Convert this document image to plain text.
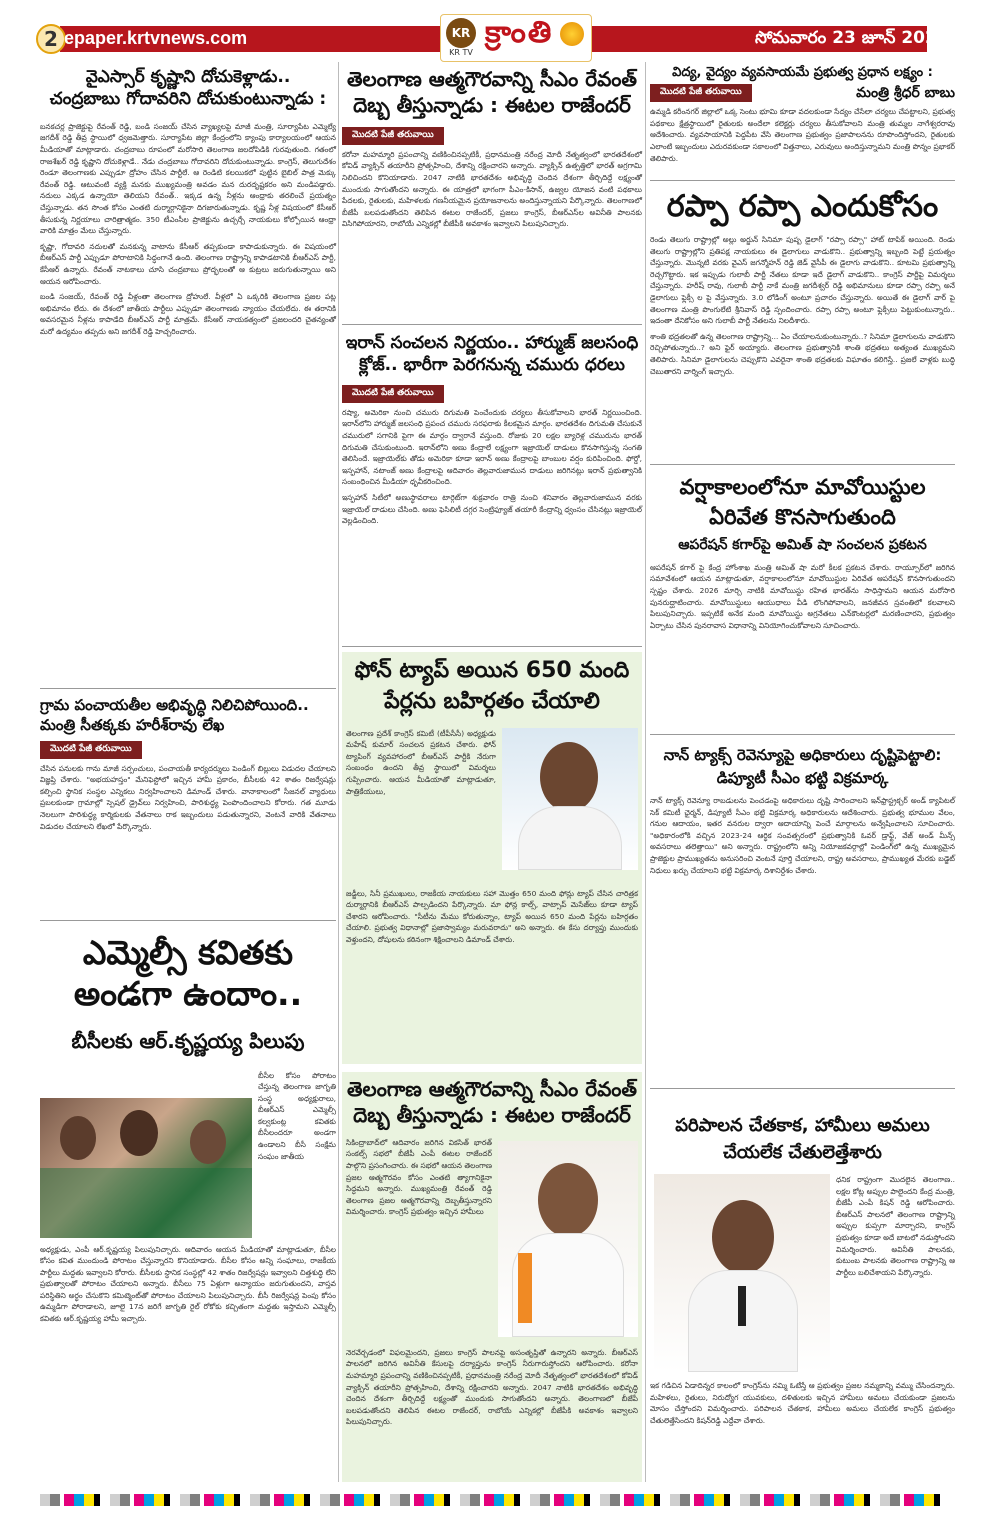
2 epaper.krtvnews.com	KR
KR TV
క్రాంతి	సోమవారం 23 జూన్ 2025
వైఎస్సార్ కృష్ణాని దోచుకెళ్లాడు..
చంద్రబాబు గోదావరిని దోచుకుంటున్నాడు :
బనకచర్ల ప్రాజెక్టుపై రేవంత్ రెడ్డి, బండి సంజయ్ చేసిన వ్యాఖ్యలపై మాజీ మంత్రి, సూర్యాపేట ఎమ్మెల్యే జగదీశ్ రెడ్డి తీవ్ర స్థాయిలో ధ్వజమెత్తారు. సూర్యాపేట జిల్లా కేంద్రంలోని క్యాంపు కార్యాలయంలో ఆయన మీడియాతో మాట్లాడారు. చంద్రబాబు రూపంలో మరోసారి తెలంగాణ జలదోపిడికి గురవుతుంది. గతంలో రాజశేఖర్ రెడ్డి కృష్ణాని దోచుకెళ్లాడే.. నేడు చంద్రబాబు గోదావరిని దోచుకుంటున్నాడు. కాంగ్రెస్, తెలుగుదేశం రెండూ తెలంగాణకు ఎప్పుడూ ద్రోహం చేసిన పార్టీలే. ఆ రెండిటి కలయికలో పుట్టిన బైబిల్ పాత్ర మెక్కు రేవంత్ రెడ్డి. ఆటువంటి వ్యక్తి మనకు ముఖ్యమంత్రి అవడం మన దురదృష్టకరం అని మండిపడ్డారు. నదులు ఎక్కడ ఉన్నాయో తెలియని రేవంత్.. ఇక్కడ ఉన్న నీళ్లను ఆంధ్రాకు తరలించే ప్రయత్నం చేస్తున్నాడు. తన సొంత కోసం ఎంతటి దుర్మార్గానికైనా దిగజారుతున్నాడు. కృష్ణ నీళ్ల విషయంలో కేసీఆర్ తీసుకున్న నిర్ణయాలు చారిత్రాత్మకం. 350 టీఎంసీల ప్రాజెక్టును ఉచ్చర్చే నాయకులు కోల్పోయిన ఆంధ్రా వారికి మాత్రం మేలు చేస్తున్నారు.
కృష్ణా, గోదావరి నదులతో మనకున్న వాటాను కేసీఆర్ తప్పకుండా కాపాడుకున్నారు. ఈ విషయంలో బీఆర్ఎస్ పార్టీ ఎప్పుడూ పోరాటానికి సిద్ధంగానే ఉంది. తెలంగాణ రాష్ట్రాన్ని కాపాడటానికి బీఆర్ఎస్ పార్టీ, కేసీఆర్ ఉన్నారు. రేవంత్ నాటకాలు చూసి చంద్రబాబు ప్రోద్భలంతో ఆ కుట్రలు జరుగుతున్నాయి అని ఆయన ఆరోపించారు.
బండి సంజయ్, రేవంత్ రెడ్డి వీళ్లంతా తెలంగాణ ద్రోహులే. వీళ్లలో ఏ ఒక్కరికి తెలంగాణ ప్రజల పట్ల అభిమానం లేదు. ఈ దేశంలో జాతీయ పార్టీలు ఎప్పుడూ తెలంగాణకు న్యాయం చేయలేదు. ఈ తరానికి అవసరమైన నీళ్లను కాపాడేది బీఆర్ఎస్ పార్టీ మాత్రమే. కేసీఆర్ నాయకత్వంలో ప్రజలందరి చైతన్యంతో మరో ఉద్యమం తప్పదు అని జగదీశ్ రెడ్డి హెచ్చరించారు.
గ్రామ పంచాయతీల అభివృద్ధి నిలిచిపోయింది..
మంత్రి సీతక్కకు హరీశ్‌రావు లేఖ
మొదటి పేజీ తరువాయి
చేసిన పనులకు గాను మాజీ సర్పంచులు, పంచాయతీ కార్యదర్శులు పెండింగ్ బిల్లులు విడుదల చేయాలని విజ్ఞప్తి చేశారు. "అభయహస్తం" మేనిఫెస్టోలో ఇచ్చిన హామీ ప్రకారం, బీసీలకు 42 శాతం రిజర్వేషన్లు కల్పించి స్థానిక సంస్థల ఎన్నికలు నిర్వహించాలని డిమాండ్ చేశారు. వానాకాలంలో సీజనల్ వ్యాధులు ప్రబలకుండా గ్రామాల్లో స్పెషల్ డ్రైవ్‌లు నిర్వహించి, పారిశుద్ధ్య పెంపొందించాలని కోరారు. గత మూడు నెలలుగా పారిశుద్ధ్య కార్మికులకు వేతనాలు రాక ఇబ్బందులు పడుతున్నారని, వెంటనే వారికి వేతనాలు విడుదల చేయాలని లేఖలో పేర్కొన్నారు.
ఎమ్మెల్సీ కవితకు అండగా ఉందాం..
బీసీలకు ఆర్.కృష్ణయ్య పిలుపు
బీసీల కోసం పోరాటం చేస్తున్న తెలంగాణ జాగృతి సంస్థ అధ్యక్షురాలు, బీఆర్ఎస్ ఎమ్మెల్సీ కల్వకుంట్ల కవితకు బీసీలందరూ అండగా ఉండాలని బీసీ సంక్షేమ సంఘం జాతీయ
అధ్యక్షుడు, ఎంపీ ఆర్.కృష్ణయ్య పిలుపునిచ్చారు. ఆదివారం ఆయన మీడియాతో మాట్లాడుతూ, బీసీల కోసం కవిత ముందుండి పోరాటం చేస్తున్నారని కొనియాడారు. బీసీల కోసం అన్ని సంఘాలు, రాజకీయ పార్టీలు మద్దతు ఇవ్వాలని కోరారు. బీసీలకు స్థానిక సంస్థల్లో 42 శాతం రిజర్వేషన్లు ఇవ్వాలని చిత్తశుద్ధి లేని ప్రభుత్వాలతో పోరాటం చేయాలని అన్నారు. బీసీలు 75 ఏళ్లుగా అన్యాయం జరుగుతుందని, వాస్తవ పరిస్థితిని అర్థం చేసుకొని కమిట్మెంట్‌తో పోరాటం చేయాలని పిలుపునిచ్చారు. బీసీ రిజర్వేషన్ల పెంపు కోసం ఉమ్మడిగా పోరాడాలని, జూలై 17న జరిగే జాగృతి రైల్ రోకోకు కచ్చితంగా మద్దతు ఇస్తామని ఎమ్మెల్సీ కవితకు ఆర్.కృష్ణయ్య హామీ ఇచ్చారు.
తెలంగాణ ఆత్మగౌరవాన్ని సీఎం రేవంత్ దెబ్బ తీస్తున్నాడు : ఈటల రాజేందర్
మొదటి పేజీ తరువాయి
కరోనా మహమ్మారి ప్రపంచాన్ని వణికించినప్పటికీ, ప్రధానమంత్రి నరేంద్ర మోదీ నేతృత్వంలో భారతదేశంలో కోవిడ్ వ్యాక్సిన్ తయారీని ప్రోత్సహించి, దేశాన్ని రక్షించారని అన్నారు. వ్యాక్సిన్ ఉత్పత్తిలో భారత్ అగ్రగామి నిలిచిందని కొనియాడారు. 2047 నాటికి భారతదేశం అభివృద్ధి చెందిన దేశంగా తీర్చిదిద్దే లక్ష్యంతో ముందుకు సాగుతోందని అన్నారు. ఈ యాత్రలో భాగంగా పీఎం-కిసాన్, ఉజ్వల యోజన వంటి పథకాలు పేదలకు, రైతులకు, మహిళలకు గణనీయమైన ప్రయోజనాలను అందిస్తున్నాయని పేర్కొన్నారు. తెలంగాణలో బీజేపీ బలపడుతోందని తెలిపిన ఈటల రాజేందర్, ప్రజలు కాంగ్రెస్, బీఆర్ఎస్‌ల అవినీతి పాలనకు విసిగిపోయారని, రాబోయే ఎన్నికల్లో బీజేపీకి అవకాశం ఇవ్వాలని పిలుపునిచ్చారు.
ఇరాన్ సంచలన నిర్ణయం.. హార్ముజ్ జలసంధి క్లోజ్.. భారీగా పెరగనున్న చమురు ధరలు
మొదటి పేజీ తరువాయి
రష్యా, అమెరికా నుంచి చమురు దిగుమతి పెంచేందుకు చర్యలు తీసుకోవాలని భారత్ నిర్ణయించింది. ఇరాన్‌లోని హార్ముజ్ జలసంధి ప్రపంచ చమురు సరఫరాకు కీలకమైన మార్గం. భారతదేశం దిగుమతి చేసుకునే చమురులో సగానికి పైగా ఈ మార్గం ద్వారానే వస్తుంది. రోజుకు 20 లక్షల బ్యారెళ్ల చమురును భారత్ దిగుమతి చేసుకుంటుంది. ఇరాన్‌లోని అణు కేంద్రాలే లక్ష్యంగా ఇజ్రాయెల్ దాడులు కొనసాగిస్తున్న సంగతి తెలిసిందే. ఇజ్రాయెల్‌కు తోడు అమెరికా కూడా ఇరాన్ అణు కేంద్రాలపై బాంబుల వర్షం కురిపించింది. ఫోర్డో, ఇస్ఫహాన్, నటాంజ్ అణు కేంద్రాలపై ఆదివారం తెల్లవారుజామున దాడులు జరిగినట్లు ఇరాన్ ప్రభుత్వానికి సంబంధించిన మీడియా ధృవీకరించింది.
ఇస్ఫహాన్ సిటీలో అణుస్థావరాలు టార్గెట్‌గా శుక్రవారం రాత్రి నుంచి శనివారం తెల్లవారుజామున వరకు ఇజ్రాయెల్ దాడులు చేసింది. అణు ఫెసిలిటీ దగ్గర సెంట్రిఫ్యూజ్ తయారీ కేంద్రాన్ని ధ్వంసం చేసినట్లు ఇజ్రాయెల్ వెల్లడించింది.
ఫోన్ ట్యాప్ అయిన 650 మంది పేర్లను బహిర్గతం చేయాలి
తెలంగాణ ప్రదేశ్ కాంగ్రెస్ కమిటీ (టీపీసీసీ) అధ్యక్షుడు మహేష్ కుమార్ సంచలన ప్రకటన చేశారు. ఫోన్ ట్యాపింగ్ వ్యవహారంలో బీఆర్ఎస్ పార్టీకి నేరుగా సంబంధం ఉందని తీవ్ర స్థాయిలో విమర్శలు గుప్పించారు. ఆయన మీడియాతో మాట్లాడుతూ, పాత్రికేయులు,
జడ్జీలు, సినీ ప్రముఖులు, రాజకీయ నాయకులు సహా మొత్తం 650 మంది ఫోన్లు ట్యాప్ చేసిన చారిత్రక దుర్మార్గానికి బీఆర్ఎస్ పాల్పడిందని పేర్కొన్నారు. మా ఫోన్ల కాల్స్, వాట్సాప్ మెసేజ్‌లు కూడా ట్యాప్ చేశారని ఆరోపించారు. "సీటీను మేము కోరుతున్నాం, ట్యాప్ అయిన 650 మంది పేర్లను బహిర్గతం చేయాలి. ప్రభుత్వ విధానాల్లో ప్రజాస్వామ్యం మరువరాదు" అని అన్నారు. ఈ కేసు దర్యాప్తు ముందుకు వెళ్తుందని, దోషులను కఠినంగా శిక్షించాలని డిమాండ్ చేశారు.
తెలంగాణ ఆత్మగౌరవాన్ని సీఎం రేవంత్ దెబ్బ తీస్తున్నాడు : ఈటల రాజేందర్
సికింద్రాబాద్‌లో ఆదివారం జరిగిన వికసిత్ భారత్ సంకల్ప్ సభలో బీజేపీ ఎంపీ ఈటల రాజేందర్ పాల్గొని ప్రసంగించారు. ఈ సభలో ఆయన తెలంగాణ ప్రజల ఆత్మగౌరవం కోసం ఎంతటి త్యాగానికైనా సిద్ధమని అన్నారు. ముఖ్యమంత్రి రేవంత్ రెడ్డి తెలంగాణ ప్రజల ఆత్మగౌరవాన్ని దెబ్బతీస్తున్నారని విమర్శించారు. కాంగ్రెస్ ప్రభుత్వం ఇచ్చిన హామీలు
నెరవేర్చడంలో విఫలమైందని, ప్రజలు కాంగ్రెస్ పాలనపై అసంతృప్తితో ఉన్నారని అన్నారు. బీఆర్ఎస్ పాలనలో జరిగిన అవినీతి కేసులపై దర్యాప్తును కాంగ్రెస్ నీరుగారుస్తోందని ఆరోపించారు. కరోనా మహమ్మారి ప్రపంచాన్ని వణికించినప్పటికీ, ప్రధానమంత్రి నరేంద్ర మోదీ నేతృత్వంలో భారతదేశంలో కోవిడ్ వ్యాక్సిన్ తయారీని ప్రోత్సహించి, దేశాన్ని రక్షించారని అన్నారు. 2047 నాటికి భారతదేశం అభివృద్ధి చెందిన దేశంగా తీర్చిదిద్దే లక్ష్యంతో ముందుకు సాగుతోందని అన్నారు. తెలంగాణలో బీజేపీ బలపడుతోందని తెలిపిన ఈటల రాజేందర్, రాబోయే ఎన్నికల్లో బీజేపీకి అవకాశం ఇవ్వాలని పిలుపునిచ్చారు.
విద్య, వైద్యం వ్యవసాయమే ప్రభుత్వ ప్రధాన లక్ష్యం :
మొదటి పేజీ తరువాయి	మంత్రి శ్రీధర్ బాబు
ఉమ్మడి కరీంనగర్ జిల్లాలో ఒక్క సెంటు భూమి కూడా వదలకుండా సేద్యం చేసేలా చర్యలు చేపట్టాలని, ప్రభుత్వ పథకాలు క్షేత్రస్థాయిలో రైతులకు అందేలా కలెక్టర్లు చర్యలు తీసుకోవాలని మంత్రి తుమ్మల నాగేశ్వరరావు ఆదేశించారు. వ్యవసాయానికి పెద్దపీట వేసి తెలంగాణ ప్రభుత్వం ప్రజాపాలనను రూపొందిస్తోందని, రైతులకు ఎలాంటి ఇబ్బందులు ఎదురవకుండా సకాలంలో విత్తనాలు, ఎరువులు అందిస్తున్నామని మంత్రి పొన్నం ప్రభాకర్ తెలిపారు.
రప్పా రప్పా ఎందుకోసం
రెండు తెలుగు రాష్ట్రాల్లో అల్లు అర్జున్ సినిమా పుష్ప డైలాగ్ "రప్పా రప్పా" హాట్ టాపిక్ అయింది. రెండు తెలుగు రాష్ట్రాల్లోని ప్రతిపక్ష నాయకులు ఈ డైలాగులు వాడుకొని.. ప్రభుత్వాన్ని ఇబ్బంది పెట్టే ప్రయత్నం చేస్తున్నారు. మొన్నటి వరకు వైఎస్ జగన్మోహన్ రెడ్డి జెడ్ వైసీపీ ఈ డైలాగు వాడుకొని.. కూటమి ప్రభుత్వాన్ని రెచ్చగొట్టారు. ఇక ఇప్పుడు గులాబీ పార్టీ నేతలు కూడా ఇదే డైలాగ్ వాడుకొని.. కాంగ్రెస్ పార్టీపై విమర్శలు చేస్తున్నారు. హరీష్ రావు, గులాబీ పార్టీ నాకే మంత్రి జగదీశ్వర్ రెడ్డి అభిమానులు కూడా రప్పా రప్పా అనే డైలాగులు ఫ్లెక్సీ ల పై వేస్తున్నారు. 3.0 లోడింగ్ అంటూ ప్రచారం చేస్తున్నారు. అయితే ఈ డైలాగ్ వార్ పై తెలంగాణ మంత్రి పొంగులేటి శ్రీనివాస్ రెడ్డి స్పందించారు. రప్పా రప్పా అంటూ ఫ్లెక్సీలు పెట్టుకుంటున్నారు.. ఇదంతా దేనికోసం అని గులాబీ పార్టీ నేతలను నిలదీశారు.
శాంతి భద్రతలతో ఉన్న తెలంగాణ రాష్ట్రాన్ని... ఏం చేయాలనుకుంటున్నారు..? సినిమా డైలాగులను వాడుకొని రెచ్చిపోతున్నారు..? అని ఫైర్ అయ్యారు. తెలంగాణ ప్రభుత్వానికి శాంతి భద్రతలు అత్యంత ముఖ్యమని తెలిపారు. సినిమా డైలాగులను చెప్పుకొని ఎవరైనా శాంతి భద్రతలకు విఘాతం కలిగిస్తే.. ప్రజలే వాళ్లకు బుద్ధి చెబుతారని వార్నింగ్ ఇచ్చారు.
వర్షాకాలంలోనూ మావోయిస్టుల ఏరివేత కొనసాగుతుంది
ఆపరేషన్ కగార్‌పై అమిత్ షా సంచలన ప్రకటన
ఆపరేషన్ కగార్ పై కేంద్ర హోంశాఖ మంత్రి అమిత్ షా మరో కీలక ప్రకటన చేశారు. రాయ్పూర్‌లో జరిగిన సమావేశంలో ఆయన మాట్లాడుతూ, వర్షాకాలంలోనూ మావోయిస్టుల ఏరివేత ఆపరేషన్ కొనసాగుతుందని స్పష్టం చేశారు. 2026 మార్చి నాటికి మావోయిస్టు రహిత భారత్‌ను సాధిస్తామని ఆయన మరోసారి పునరుద్ఘాటించారు. మావోయిస్టులు ఆయుధాలు వీడి లొంగిపోవాలని, జనజీవన స్రవంతిలో కలవాలని పిలుపునిచ్చారు. ఇప్పటికే అనేక మంది మావోయిస్టు అగ్రనేతలు ఎన్‌కౌంటర్లలో మరణించారని, ప్రభుత్వం ఏర్పాటు చేసిన పునరావాస విధానాన్ని వినియోగించుకోవాలని సూచించారు.
నాన్ ట్యాక్స్ రెవెన్యూపై అధికారులు దృష్టిపెట్టాలి: డిప్యూటీ సీఎం భట్టి విక్రమార్క
నాన్ ట్యాక్స్ రెవెన్యూ రాబడులను పెంచడంపై అధికారులు దృష్టి సారించాలని ఇన్‌ఫ్రాస్ట్రక్చర్ అండ్ క్యాపిటల్ సెక్ కమిటీ ఛైర్మన్, డిప్యూటీ సీఎం భట్టి విక్రమార్క అధికారులను ఆదేశించారు. ప్రభుత్వ భూముల వేలం, గనుల ఆదాయం, ఇతర వనరుల ద్వారా ఆదాయాన్ని పెంచే మార్గాలను అన్వేషించాలని సూచించారు. "అధికారంలోకి వచ్చిన 2023-24 ఆర్థిక సంవత్సరంలో ప్రభుత్వానికి ఓవర్ డ్రాఫ్ట్, వేజ్ అండ్ మీన్స్ అవసరాలు తలెత్తాయి" అని అన్నారు. రాష్ట్రంలోని అన్ని నియోజకవర్గాల్లో పెండింగ్‌లో ఉన్న ముఖ్యమైన ప్రాజెక్టుల ప్రాముఖ్యతను అనుసరించి వెంటనే పూర్తి చేయాలని, రాష్ట్ర అవసరాలు, ప్రాముఖ్యత మేరకు బడ్జెట్ నిధులు ఖర్చు చేయాలని భట్టి విక్రమార్క దిశానిర్దేశం చేశారు.
పరిపాలన చేతకాక, హామీలు అమలు చేయలేక చేతులెత్తేశారు
ధనిక రాష్ట్రంగా మొదలైన తెలంగాణ.. లక్షల కోట్ల అప్పుల పాలైందని కేంద్ర మంత్రి, బీజేపీ ఎంపీ కిషన్ రెడ్డి ఆరోపించారు. బీఆర్ఎస్ పాలనలో తెలంగాణ రాష్ట్రాన్ని అప్పుల కుప్పగా మార్చారని, కాంగ్రెస్ ప్రభుత్వం కూడా అదే బాటలో నడుస్తోందని విమర్శించారు. అవినీతి పాలనకు, కుటుంబ పాలనకు తెలంగాణ రాష్ట్రాన్ని ఆ పార్టీలు బలిచేశాయని పేర్కొన్నారు.
ఇక గడిచిన ఏడాదిన్నర కాలంలో కాంగ్రెస్‌ను నమ్మి ఓటేస్తే ఆ ప్రభుత్వం ప్రజల నమ్మకాన్ని వమ్ము చేసిందన్నారు. మహిళలు, రైతులు, నిరుద్యోగ యువకులు, దళితులకు ఇచ్చిన హామీలు అమలు చేయకుండా ప్రజలను మోసం చేస్తోందని విమర్శించారు. పరిపాలన చేతకాక, హామీలు అమలు చేయలేక కాంగ్రెస్ ప్రభుత్వం చేతులెత్తేసిందని కిషన్‌రెడ్డి ఎద్దేవా చేశారు.
